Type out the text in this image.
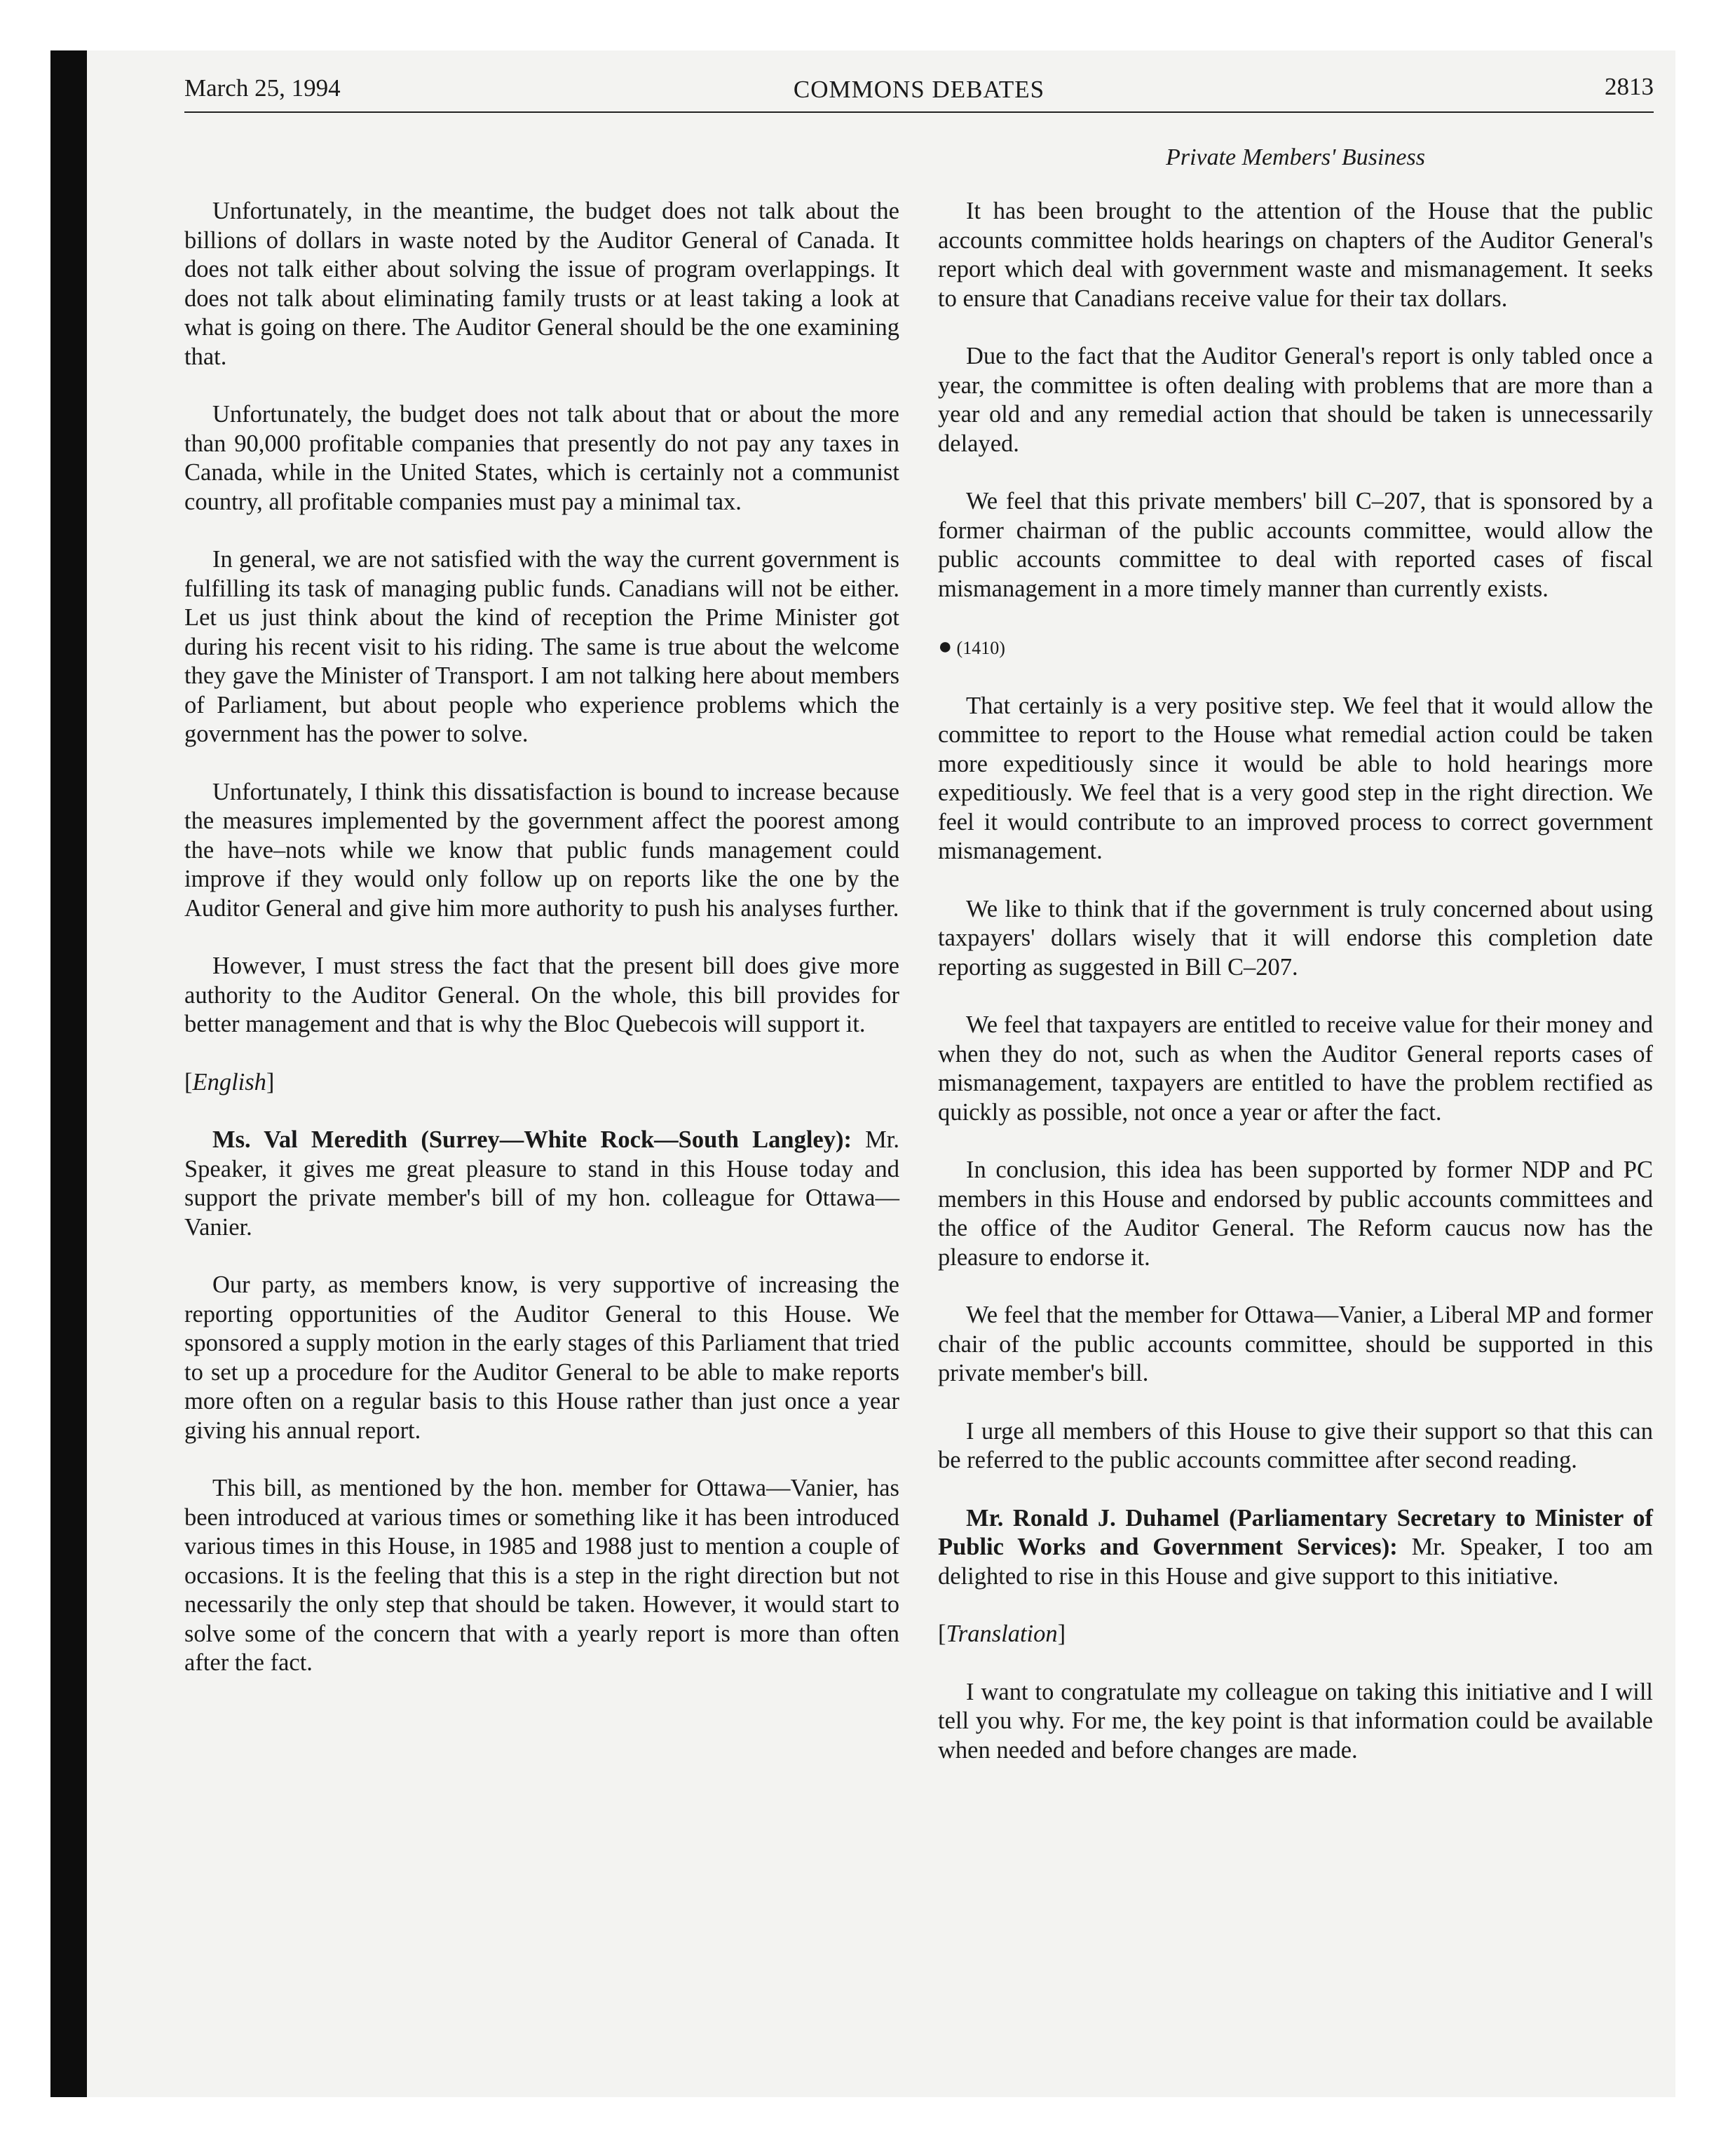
March 25, 1994	COMMONS DEBATES	2813
Private Members' Business

Unfortunately, in the meantime, the budget does not talk about the billions of dollars in waste noted by the Auditor General of Canada. It does not talk either about solving the issue of program overlappings. It does not talk about eliminating family trusts or at least taking a look at what is going on there. The Auditor General should be the one examining that.

Unfortunately, the budget does not talk about that or about the more than 90,000 profitable companies that presently do not pay any taxes in Canada, while in the United States, which is certainly not a communist country, all profitable companies must pay a minimal tax.

In general, we are not satisfied with the way the current government is fulfilling its task of managing public funds. Canadians will not be either. Let us just think about the kind of reception the Prime Minister got during his recent visit to his riding. The same is true about the welcome they gave the Minister of Transport. I am not talking here about members of Parliament, but about people who experience problems which the government has the power to solve.

Unfortunately, I think this dissatisfaction is bound to increase because the measures implemented by the government affect the poorest among the have–nots while we know that public funds management could improve if they would only follow up on reports like the one by the Auditor General and give him more authority to push his analyses further.

However, I must stress the fact that the present bill does give more authority to the Auditor General. On the whole, this bill provides for better management and that is why the Bloc Quebecois will support it.

[English]

Ms. Val Meredith (Surrey—White Rock—South Langley): Mr. Speaker, it gives me great pleasure to stand in this House today and support the private member's bill of my hon. colleague for Ottawa—Vanier.

Our party, as members know, is very supportive of increasing the reporting opportunities of the Auditor General to this House. We sponsored a supply motion in the early stages of this Parliament that tried to set up a procedure for the Auditor General to be able to make reports more often on a regular basis to this House rather than just once a year giving his annual report.

This bill, as mentioned by the hon. member for Ottawa—Vanier, has been introduced at various times or something like it has been introduced various times in this House, in 1985 and 1988 just to mention a couple of occasions. It is the feeling that this is a step in the right direction but not necessarily the only step that should be taken. However, it would start to solve some of the concern that with a yearly report is more than often after the fact.

It has been brought to the attention of the House that the public accounts committee holds hearings on chapters of the Auditor General's report which deal with government waste and mismanagement. It seeks to ensure that Canadians receive value for their tax dollars.

Due to the fact that the Auditor General's report is only tabled once a year, the committee is often dealing with problems that are more than a year old and any remedial action that should be taken is unnecessarily delayed.

We feel that this private members' bill C–207, that is sponsored by a former chairman of the public accounts committee, would allow the public accounts committee to deal with reported cases of fiscal mismanagement in a more timely manner than currently exists.

● (1410)

That certainly is a very positive step. We feel that it would allow the committee to report to the House what remedial action could be taken more expeditiously since it would be able to hold hearings more expeditiously. We feel that is a very good step in the right direction. We feel it would contribute to an improved process to correct government mismanagement.

We like to think that if the government is truly concerned about using taxpayers' dollars wisely that it will endorse this completion date reporting as suggested in Bill C–207.

We feel that taxpayers are entitled to receive value for their money and when they do not, such as when the Auditor General reports cases of mismanagement, taxpayers are entitled to have the problem rectified as quickly as possible, not once a year or after the fact.

In conclusion, this idea has been supported by former NDP and PC members in this House and endorsed by public accounts committees and the office of the Auditor General. The Reform caucus now has the pleasure to endorse it.

We feel that the member for Ottawa—Vanier, a Liberal MP and former chair of the public accounts committee, should be supported in this private member's bill.

I urge all members of this House to give their support so that this can be referred to the public accounts committee after second reading.

Mr. Ronald J. Duhamel (Parliamentary Secretary to Minister of Public Works and Government Services): Mr. Speaker, I too am delighted to rise in this House and give support to this initiative.

[Translation]

I want to congratulate my colleague on taking this initiative and I will tell you why. For me, the key point is that information could be available when needed and before changes are made.
